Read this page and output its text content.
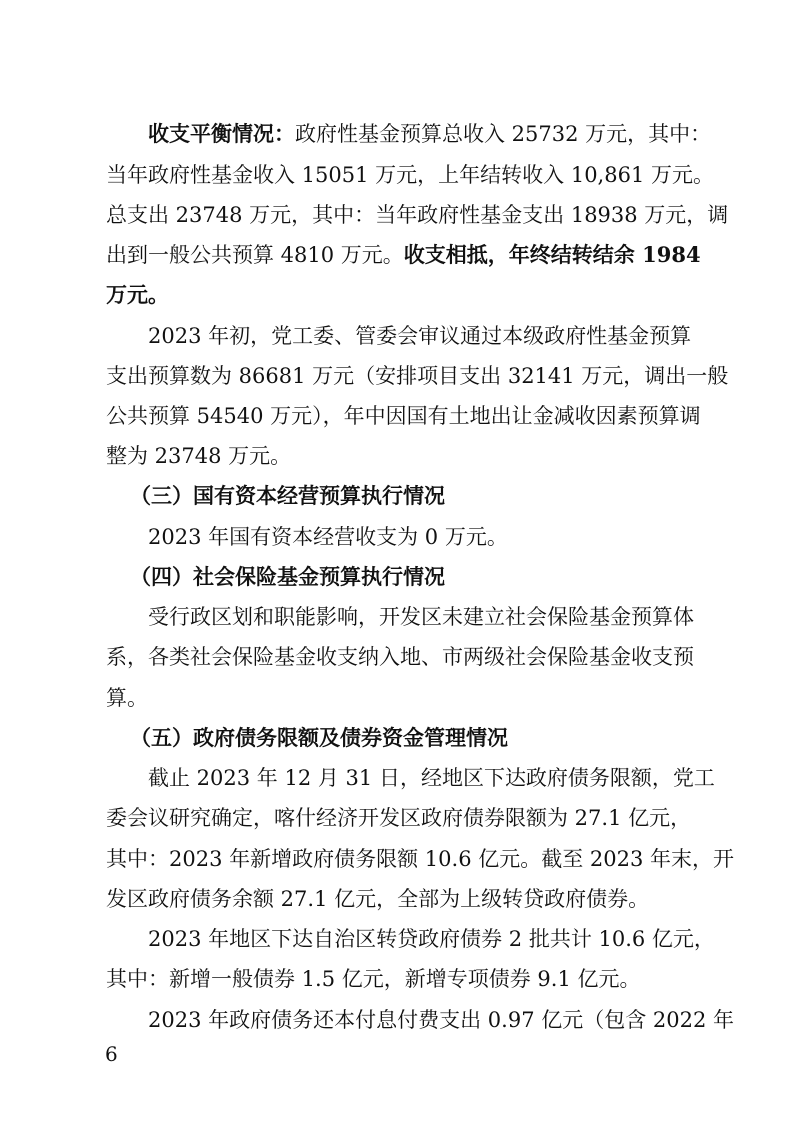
收支平衡情况：政府性基金预算总收入 25732 万元，其中：
当年政府性基金收入 15051 万元，上年结转收入 10,861 万元。
总支出 23748 万元，其中：当年政府性基金支出 18938 万元，调
出到一般公共预算 4810 万元。收支相抵，年终结转结余 1984
万元。
2023 年初，党工委、管委会审议通过本级政府性基金预算
支出预算数为 86681 万元（安排项目支出 32141 万元，调出一般
公共预算 54540 万元），年中因国有土地出让金减收因素预算调
整为 23748 万元。
（三）国有资本经营预算执行情况
2023 年国有资本经营收支为 0 万元。
（四）社会保险基金预算执行情况
受行政区划和职能影响，开发区未建立社会保险基金预算体
系，各类社会保险基金收支纳入地、市两级社会保险基金收支预
算。
（五）政府债务限额及债券资金管理情况
截止 2023 年 12 月 31 日，经地区下达政府债务限额，党工
委会议研究确定，喀什经济开发区政府债券限额为 27.1 亿元，
其中：2023 年新增政府债务限额 10.6 亿元。截至 2023 年末，开
发区政府债务余额 27.1 亿元，全部为上级转贷政府债券。
2023 年地区下达自治区转贷政府债券 2 批共计 10.6 亿元，
其中：新增一般债券 1.5 亿元，新增专项债券 9.1 亿元。
2023 年政府债务还本付息付费支出 0.97 亿元（包含 2022 年
6
